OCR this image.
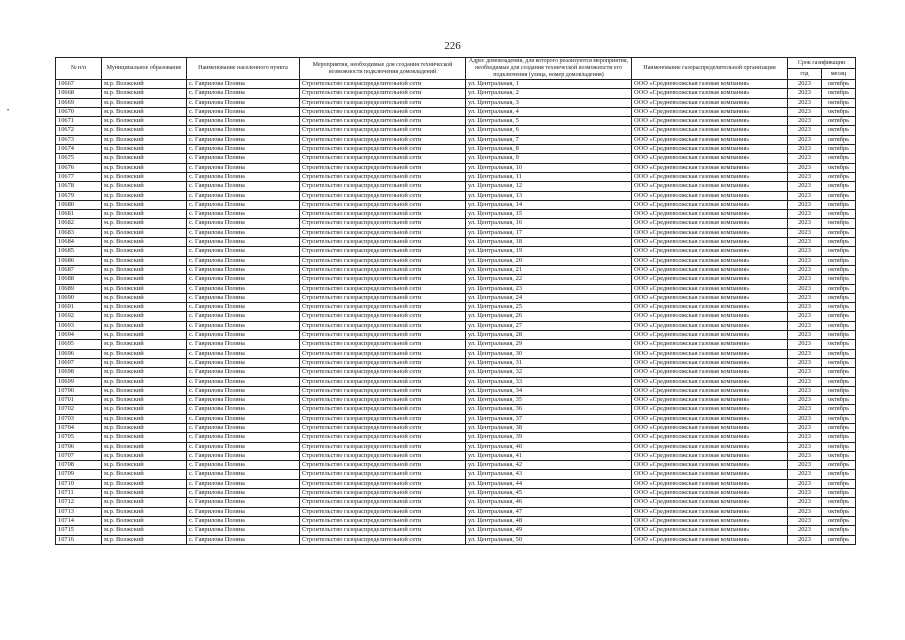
226
•
№ п/п	Муниципальное образование	Наименование населенного пункта	Мероприятия, необходимые для создания технической возможности подключения домовладений	Адрес домовладения, для которого реализуются мероприятия, необходимые для создания технической возможности его подключения (улица, номер домовладения)	Наименование газораспределительной организации	Срок газификации	
						год	месяц
10667	м.р. Волжский	с. Гаврилова Поляна	Строительство газораспределительной сети	ул. Центральная, 1	ООО «Средневолжская газовая компания»	2023	октябрь
10668	м.р. Волжский	с. Гаврилова Поляна	Строительство газораспределительной сети	ул. Центральная, 2	ООО «Средневолжская газовая компания»	2023	октябрь
10669	м.р. Волжский	с. Гаврилова Поляна	Строительство газораспределительной сети	ул. Центральная, 3	ООО «Средневолжская газовая компания»	2023	октябрь
10670	м.р. Волжский	с. Гаврилова Поляна	Строительство газораспределительной сети	ул. Центральная, 4	ООО «Средневолжская газовая компания»	2023	октябрь
10671	м.р. Волжский	с. Гаврилова Поляна	Строительство газораспределительной сети	ул. Центральная, 5	ООО «Средневолжская газовая компания»	2023	октябрь
10672	м.р. Волжский	с. Гаврилова Поляна	Строительство газораспределительной сети	ул. Центральная, 6	ООО «Средневолжская газовая компания»	2023	октябрь
10673	м.р. Волжский	с. Гаврилова Поляна	Строительство газораспределительной сети	ул. Центральная, 7	ООО «Средневолжская газовая компания»	2023	октябрь
10674	м.р. Волжский	с. Гаврилова Поляна	Строительство газораспределительной сети	ул. Центральная, 8	ООО «Средневолжская газовая компания»	2023	октябрь
10675	м.р. Волжский	с. Гаврилова Поляна	Строительство газораспределительной сети	ул. Центральная, 9	ООО «Средневолжская газовая компания»	2023	октябрь
10676	м.р. Волжский	с. Гаврилова Поляна	Строительство газораспределительной сети	ул. Центральная, 10	ООО «Средневолжская газовая компания»	2023	октябрь
10677	м.р. Волжский	с. Гаврилова Поляна	Строительство газораспределительной сети	ул. Центральная, 11	ООО «Средневолжская газовая компания»	2023	октябрь
10678	м.р. Волжский	с. Гаврилова Поляна	Строительство газораспределительной сети	ул. Центральная, 12	ООО «Средневолжская газовая компания»	2023	октябрь
10679	м.р. Волжский	с. Гаврилова Поляна	Строительство газораспределительной сети	ул. Центральная, 13	ООО «Средневолжская газовая компания»	2023	октябрь
10680	м.р. Волжский	с. Гаврилова Поляна	Строительство газораспределительной сети	ул. Центральная, 14	ООО «Средневолжская газовая компания»	2023	октябрь
10681	м.р. Волжский	с. Гаврилова Поляна	Строительство газораспределительной сети	ул. Центральная, 15	ООО «Средневолжская газовая компания»	2023	октябрь
10682	м.р. Волжский	с. Гаврилова Поляна	Строительство газораспределительной сети	ул. Центральная, 16	ООО «Средневолжская газовая компания»	2023	октябрь
10683	м.р. Волжский	с. Гаврилова Поляна	Строительство газораспределительной сети	ул. Центральная, 17	ООО «Средневолжская газовая компания»	2023	октябрь
10684	м.р. Волжский	с. Гаврилова Поляна	Строительство газораспределительной сети	ул. Центральная, 18	ООО «Средневолжская газовая компания»	2023	октябрь
10685	м.р. Волжский	с. Гаврилова Поляна	Строительство газораспределительной сети	ул. Центральная, 19	ООО «Средневолжская газовая компания»	2023	октябрь
10686	м.р. Волжский	с. Гаврилова Поляна	Строительство газораспределительной сети	ул. Центральная, 20	ООО «Средневолжская газовая компания»	2023	октябрь
10687	м.р. Волжский	с. Гаврилова Поляна	Строительство газораспределительной сети	ул. Центральная, 21	ООО «Средневолжская газовая компания»	2023	октябрь
10688	м.р. Волжский	с. Гаврилова Поляна	Строительство газораспределительной сети	ул. Центральная, 22	ООО «Средневолжская газовая компания»	2023	октябрь
10689	м.р. Волжский	с. Гаврилова Поляна	Строительство газораспределительной сети	ул. Центральная, 23	ООО «Средневолжская газовая компания»	2023	октябрь
10690	м.р. Волжский	с. Гаврилова Поляна	Строительство газораспределительной сети	ул. Центральная, 24	ООО «Средневолжская газовая компания»	2023	октябрь
10691	м.р. Волжский	с. Гаврилова Поляна	Строительство газораспределительной сети	ул. Центральная, 25	ООО «Средневолжская газовая компания»	2023	октябрь
10692	м.р. Волжский	с. Гаврилова Поляна	Строительство газораспределительной сети	ул. Центральная, 26	ООО «Средневолжская газовая компания»	2023	октябрь
10693	м.р. Волжский	с. Гаврилова Поляна	Строительство газораспределительной сети	ул. Центральная, 27	ООО «Средневолжская газовая компания»	2023	октябрь
10694	м.р. Волжский	с. Гаврилова Поляна	Строительство газораспределительной сети	ул. Центральная, 28	ООО «Средневолжская газовая компания»	2023	октябрь
10695	м.р. Волжский	с. Гаврилова Поляна	Строительство газораспределительной сети	ул. Центральная, 29	ООО «Средневолжская газовая компания»	2023	октябрь
10696	м.р. Волжский	с. Гаврилова Поляна	Строительство газораспределительной сети	ул. Центральная, 30	ООО «Средневолжская газовая компания»	2023	октябрь
10697	м.р. Волжский	с. Гаврилова Поляна	Строительство газораспределительной сети	ул. Центральная, 31	ООО «Средневолжская газовая компания»	2023	октябрь
10698	м.р. Волжский	с. Гаврилова Поляна	Строительство газораспределительной сети	ул. Центральная, 32	ООО «Средневолжская газовая компания»	2023	октябрь
10699	м.р. Волжский	с. Гаврилова Поляна	Строительство газораспределительной сети	ул. Центральная, 33	ООО «Средневолжская газовая компания»	2023	октябрь
10700	м.р. Волжский	с. Гаврилова Поляна	Строительство газораспределительной сети	ул. Центральная, 34	ООО «Средневолжская газовая компания»	2023	октябрь
10701	м.р. Волжский	с. Гаврилова Поляна	Строительство газораспределительной сети	ул. Центральная, 35	ООО «Средневолжская газовая компания»	2023	октябрь
10702	м.р. Волжский	с. Гаврилова Поляна	Строительство газораспределительной сети	ул. Центральная, 36	ООО «Средневолжская газовая компания»	2023	октябрь
10703	м.р. Волжский	с. Гаврилова Поляна	Строительство газораспределительной сети	ул. Центральная, 37	ООО «Средневолжская газовая компания»	2023	октябрь
10704	м.р. Волжский	с. Гаврилова Поляна	Строительство газораспределительной сети	ул. Центральная, 38	ООО «Средневолжская газовая компания»	2023	октябрь
10705	м.р. Волжский	с. Гаврилова Поляна	Строительство газораспределительной сети	ул. Центральная, 39	ООО «Средневолжская газовая компания»	2023	октябрь
10706	м.р. Волжский	с. Гаврилова Поляна	Строительство газораспределительной сети	ул. Центральная, 40	ООО «Средневолжская газовая компания»	2023	октябрь
10707	м.р. Волжский	с. Гаврилова Поляна	Строительство газораспределительной сети	ул. Центральная, 41	ООО «Средневолжская газовая компания»	2023	октябрь
10708	м.р. Волжский	с. Гаврилова Поляна	Строительство газораспределительной сети	ул. Центральная, 42	ООО «Средневолжская газовая компания»	2023	октябрь
10709	м.р. Волжский	с. Гаврилова Поляна	Строительство газораспределительной сети	ул. Центральная, 43	ООО «Средневолжская газовая компания»	2023	октябрь
10710	м.р. Волжский	с. Гаврилова Поляна	Строительство газораспределительной сети	ул. Центральная, 44	ООО «Средневолжская газовая компания»	2023	октябрь
10711	м.р. Волжский	с. Гаврилова Поляна	Строительство газораспределительной сети	ул. Центральная, 45	ООО «Средневолжская газовая компания»	2023	октябрь
10712	м.р. Волжский	с. Гаврилова Поляна	Строительство газораспределительной сети	ул. Центральная, 46	ООО «Средневолжская газовая компания»	2023	октябрь
10713	м.р. Волжский	с. Гаврилова Поляна	Строительство газораспределительной сети	ул. Центральная, 47	ООО «Средневолжская газовая компания»	2023	октябрь
10714	м.р. Волжский	с. Гаврилова Поляна	Строительство газораспределительной сети	ул. Центральная, 48	ООО «Средневолжская газовая компания»	2023	октябрь
10715	м.р. Волжский	с. Гаврилова Поляна	Строительство газораспределительной сети	ул. Центральная, 49	ООО «Средневолжская газовая компания»	2023	октябрь
10716	м.р. Волжский	с. Гаврилова Поляна	Строительство газораспределительной сети	ул. Центральная, 50	ООО «Средневолжская газовая компания»	2023	октябрь
